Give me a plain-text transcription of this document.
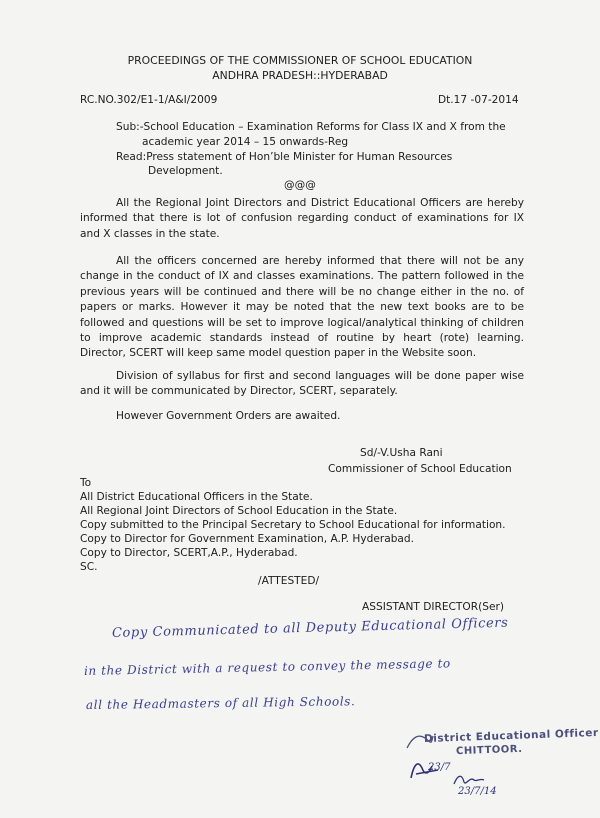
PROCEEDINGS OF THE COMMISSIONER OF SCHOOL EDUCATION
ANDHRA PRADESH::HYDERABAD
RC.NO.302/E1-1/A&I/2009	Dt.17 -07-2014
Sub:-School Education – Examination Reforms for Class IX and X from the
academic year 2014 – 15 onwards-Reg
Read:Press statement of Hon’ble Minister for Human Resources
Development.
@@@
All the Regional Joint Directors and District Educational Officers are hereby informed that there is lot of confusion regarding conduct of examinations for IX and X classes in the state.
All the officers concerned are hereby informed that there will not be any change in the conduct of IX and classes examinations. The pattern followed in the previous years will be continued and there will be no change either in the no. of papers or marks. However it may be noted that the new text books are to be followed and questions will be set to improve logical/analytical thinking of children to improve academic standards instead of routine by heart (rote) learning. Director, SCERT will keep same model question paper in the Website soon.
Division of syllabus for first and second languages will be done paper wise and it will be communicated by Director, SCERT, separately.
However Government Orders are awaited.
Sd/-V.Usha Rani
Commissioner of School Education
To
All District Educational Officers in the State.
All Regional Joint Directors of School Education in the State.
Copy submitted to the Principal Secretary to School Educational for information.
Copy to Director for Government Examination, A.P. Hyderabad.
Copy to Director, SCERT,A.P., Hyderabad.
SC.
/ATTESTED/
ASSISTANT DIRECTOR(Ser)
Copy Communicated to all Deputy Educational Officers
in the District with a request to convey the message to
all the Headmasters of all High Schools.
District Educational Officer
CHITTOOR.
23/7
23/7/14
